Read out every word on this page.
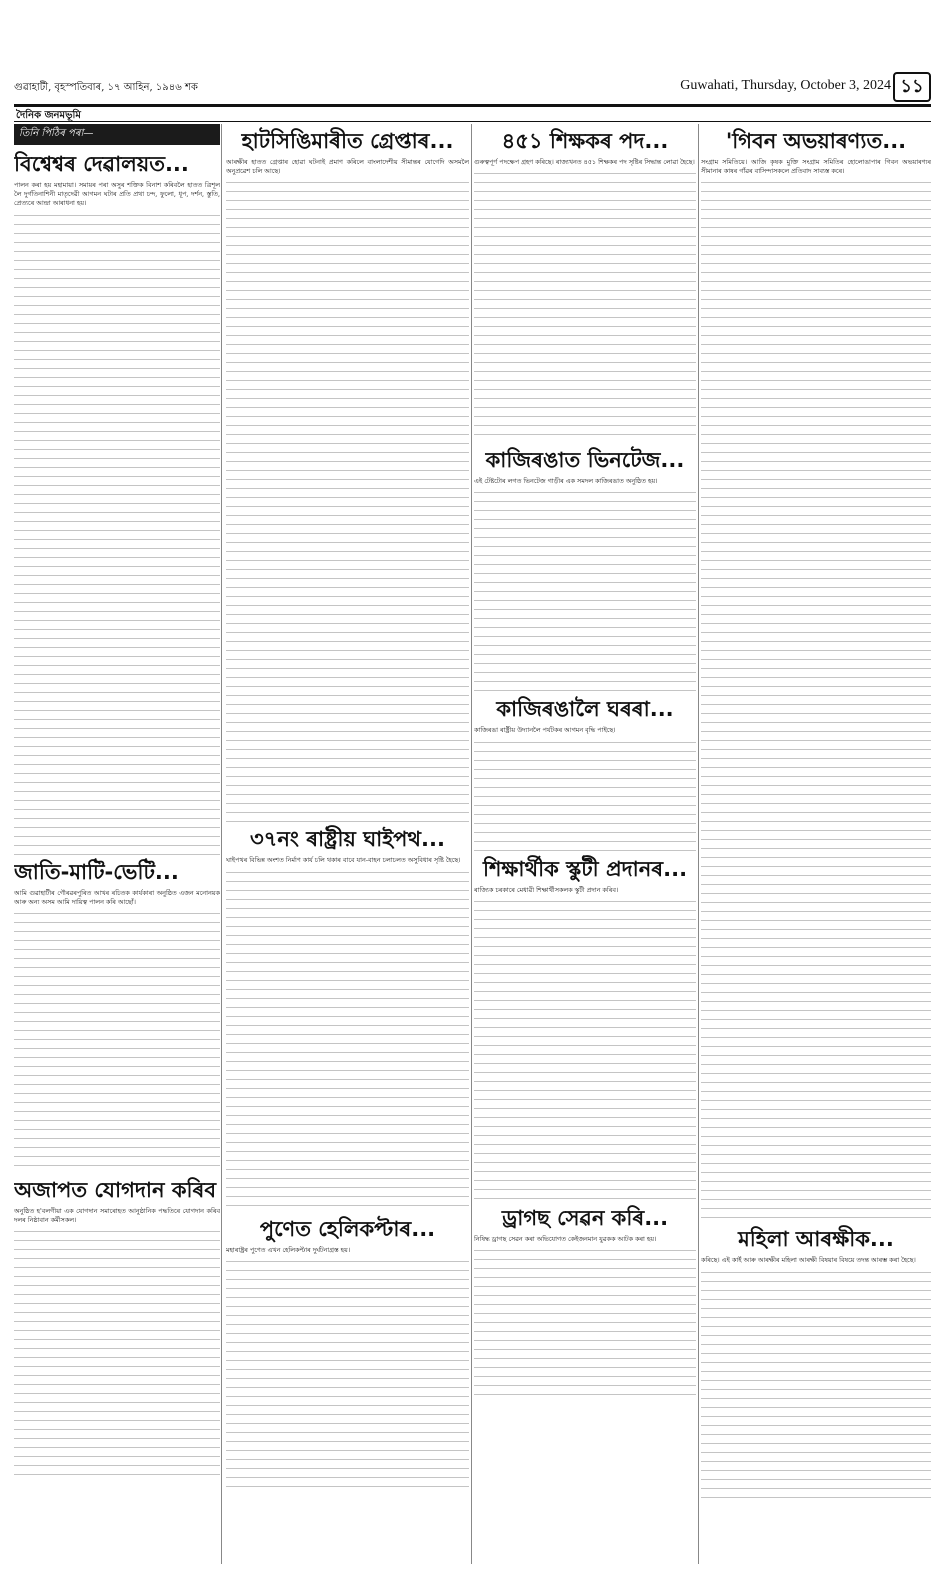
গুৱাহাটী, বৃহস্পতিবাৰ, ১৭ আহিন, ১৯৪৬ শক	Guwahati, Thursday, October 3, 2024 ১১
দৈনিক জনমভূমি
তিনি পিঠিৰ পৰা—
বিশ্বেশ্বৰ দেৱালয়ত...

পালন কৰা হয় মহামায়া। সমায়ৰ পৰা অসুৰ শক্তিক বিনাশ কৰিবলৈ হাতত ত্ৰিশূল লৈ দুৰ্গতিনাশিনী মাতৃদেৱী আগমন ঘটাৰ প্ৰতি প্ৰথা চন্দ, ফুলো, ধূপ, দৰ্শন, স্তুতি, প্ৰেত্যৰে আন্দ্ৰা আৰাধনা হয়।

জাতি-মাটি-ভেটি...

আমি গুৱাহাটীৰ গৌৰৱৰপুৰিত আখৰ ৰচিতক কাৰ্যকাৰা অনুষ্ঠিত এজন মনোনয়ক আৰু অন্য অসম আমি দায়িত্ব পালন কৰি আছোঁ।

অজাপত যোগদান কৰিব

অনুষ্ঠিত হ'বলগীয়া এক যোগদান সমাৰোহত আনুষ্ঠানিক পদ্ধতিৰে যোগদান কৰিব দলৰ নিষ্ঠাবান কৰ্মীসকল।

হাটসিঙিমাৰীত গ্ৰেপ্তাৰ...

আৰক্ষীৰ হাতত গ্ৰেপ্তাৰ হোৱা ঘটনাই প্ৰমাণ কৰিলে বাংলাদেশীয় সীমান্তৰ যোগেদি অসমলৈ অনুপ্ৰৱেশ চলি আছে।

৩৭নং ৰাষ্ট্ৰীয় ঘাইপথ...

ঘাইপথৰ বিভিন্ন অংশত নিৰ্মাণ কাৰ্য চলি থকাৰ বাবে যান-বাহন চলাচলত অসুবিধাৰ সৃষ্টি হৈছে।

পুণেত হেলিকপ্টাৰ...

মহাৰাষ্ট্ৰৰ পুণেত এখন হেলিকপ্টাৰ দুৰ্ঘটনাগ্ৰস্ত হয়।

৪৫১ শিক্ষকৰ পদ...

গুৰুত্বপূৰ্ণ পদক্ষেপ গ্ৰহণ কৰিছে। ৰাজ্যখনত ৪৫১ শিক্ষকৰ পদ সৃষ্টিৰ সিদ্ধান্ত লোৱা হৈছে।

কাজিৰঙাত ভিনটেজ...

এই টেষ্টটোৰ লগত ভিনটেজ গাড়ীৰ এক সমদল কাজিৰঙাত অনুষ্ঠিত হয়।

কাজিৰঙালৈ ঘৰৰা...

কাজিৰঙা ৰাষ্ট্ৰীয় উদ্যানলৈ পৰ্যটকৰ আগমন বৃদ্ধি পাইছে।

শিক্ষাৰ্থীক স্কুটী প্ৰদানৰ...

ৰাজ্যিক চৰকাৰে মেধাৱী শিক্ষাৰ্থীসকলক স্কুটী প্ৰদান কৰিব।

ড্ৰাগছ সেৱন কৰি...

নিষিদ্ধ ড্ৰাগছ সেৱন কৰা অভিযোগত কেইজনমান যুৱকক আটক কৰা হয়।

'গিবন অভয়াৰণ্যত...

সংগ্ৰাম সমিতিয়ে। আজি কৃষক মুক্তি সংগ্ৰাম সমিতিৰ হোলোঙাপাৰ গিবন অভয়াৰণ্যৰ সীমানাৰ কাষৰ গাঁৱৰ বাসিন্দাসকলে প্ৰতিবাদ সাব্যস্ত কৰে।

মহিলা আৰক্ষীক...

কৰিছে। এই কাৰ্ই আৰু আৰক্ষীৰ মহিলা আৰক্ষী বিষয়াৰ বিষয়ে তদন্ত আৰম্ভ কৰা হৈছে।
